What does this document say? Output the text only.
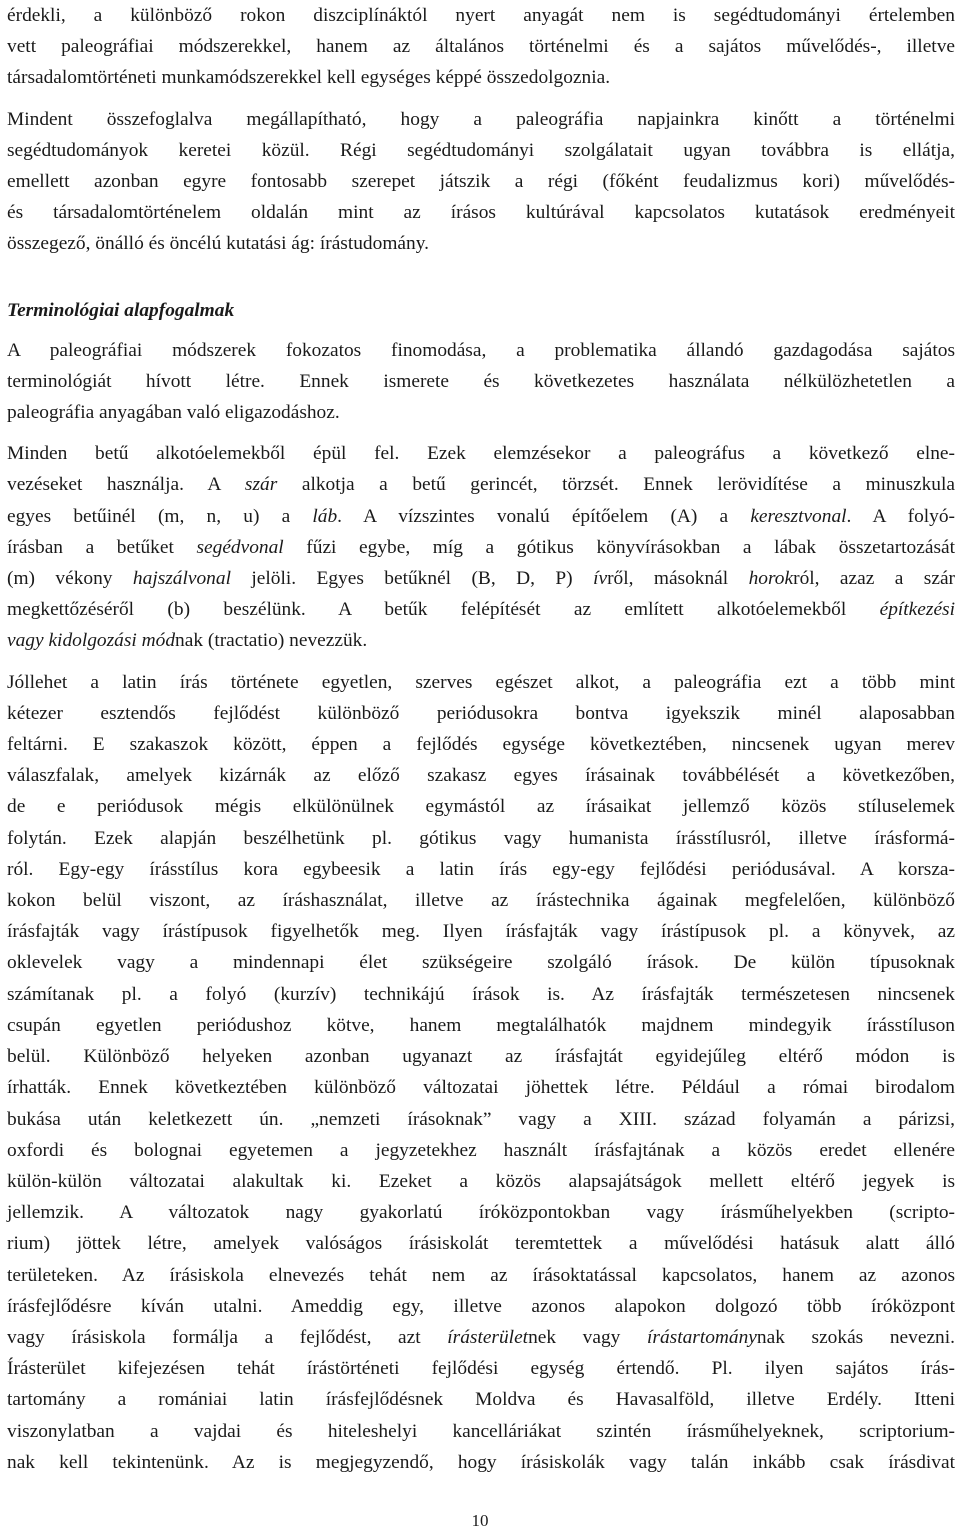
érdekli, a különböző rokon diszciplínáktól nyert anyagát nem is segédtudományi értelemben
vett paleográfiai módszerekkel, hanem az általános történelmi és a sajátos művelődés-, illetve
társadalomtörténeti munkamódszerekkel kell egységes képpé összedolgoznia.

Mindent összefoglalva megállapítható, hogy a paleográfia napjainkra kinőtt a történelmi
segédtudományok keretei közül. Régi segédtudományi szolgálatait ugyan továbbra is ellátja,
emellett azonban egyre fontosabb szerepet játszik a régi (főként feudalizmus kori) művelődés-
és társadalomtörténelem oldalán mint az írásos kultúrával kapcsolatos kutatások eredményeit
összegező, önálló és öncélú kutatási ág: írástudomány.

Terminológiai alapfogalmak

A paleográfiai módszerek fokozatos finomodása, a problematika állandó gazdagodása sajátos
terminológiát hívott létre. Ennek ismerete és következetes használata nélkülözhetetlen a
paleográfia anyagában való eligazodáshoz.

Minden betű alkotóelemekből épül fel. Ezek elemzésekor a paleográfus a következő elne-
vezéseket használja. A szár alkotja a betű gerincét, törzsét. Ennek lerövidítése a minuszkula
egyes betűinél (m, n, u) a láb. A vízszintes vonalú építőelem (A) a keresztvonal. A folyó-
írásban a betűket segédvonal fűzi egybe, míg a gótikus könyvírásokban a lábak összetartozását
(m) vékony hajszálvonal jelöli. Egyes betűknél (B, D, P) ívről, másoknál horokról, azaz a szár
megkettőzéséről (b) beszélünk. A betűk felépítését az említett alkotóelemekből építkezési
vagy kidolgozási módnak (tractatio) nevezzük.

Jóllehet a latin írás története egyetlen, szerves egészet alkot, a paleográfia ezt a több mint
kétezer esztendős fejlődést különböző periódusokra bontva igyekszik minél alaposabban
feltárni. E szakaszok között, éppen a fejlődés egysége következtében, nincsenek ugyan merev
válaszfalak, amelyek kizárnák az előző szakasz egyes írásainak továbbélését a következőben,
de e periódusok mégis elkülönülnek egymástól az írásaikat jellemző közös stíluselemek
folytán. Ezek alapján beszélhetünk pl. gótikus vagy humanista írásstílusról, illetve írásformá-
ról. Egy-egy írásstílus kora egybeesik a latin írás egy-egy fejlődési periódusával. A korsza-
kokon belül viszont, az íráshasználat, illetve az írástechnika ágainak megfelelően, különböző
írásfajták vagy írástípusok figyelhetők meg. Ilyen írásfajták vagy írástípusok pl. a könyvek, az
oklevelek vagy a mindennapi élet szükségeire szolgáló írások. De külön típusoknak
számítanak pl. a folyó (kurzív) technikájú írások is. Az írásfajták természetesen nincsenek
csupán egyetlen periódushoz kötve, hanem megtalálhatók majdnem mindegyik írásstíluson
belül. Különböző helyeken azonban ugyanazt az írásfajtát egyidejűleg eltérő módon is
írhatták. Ennek következtében különböző változatai jöhettek létre. Például a római birodalom
bukása után keletkezett ún. „nemzeti írásoknak” vagy a XIII. század folyamán a párizsi,
oxfordi és bolognai egyetemen a jegyzetekhez használt írásfajtának a közös eredet ellenére
külön-külön változatai alakultak ki. Ezeket a közös alapsajátságok mellett eltérő jegyek is
jellemzik. A változatok nagy gyakorlatú íróközpontokban vagy írásműhelyekben (scripto-
rium) jöttek létre, amelyek valóságos írásiskolát teremtettek a művelődési hatásuk alatt álló
területeken. Az írásiskola elnevezés tehát nem az írásoktatással kapcsolatos, hanem az azonos
írásfejlődésre kíván utalni. Ameddig egy, illetve azonos alapokon dolgozó több íróközpont
vagy írásiskola formálja a fejlődést, azt írásterületnek vagy írástartománynak szokás nevezni.
Írásterület kifejezésen tehát írástörténeti fejlődési egység értendő. Pl. ilyen sajátos írás-
tartomány a romániai latin írásfejlődésnek Moldva és Havasalföld, illetve Erdély. Itteni
viszonylatban a vajdai és hiteleshelyi kancelláriákat szintén írásműhelyeknek, scriptorium-
nak kell tekintenünk. Az is megjegyzendő, hogy írásiskolák vagy talán inkább csak írásdivat

10
